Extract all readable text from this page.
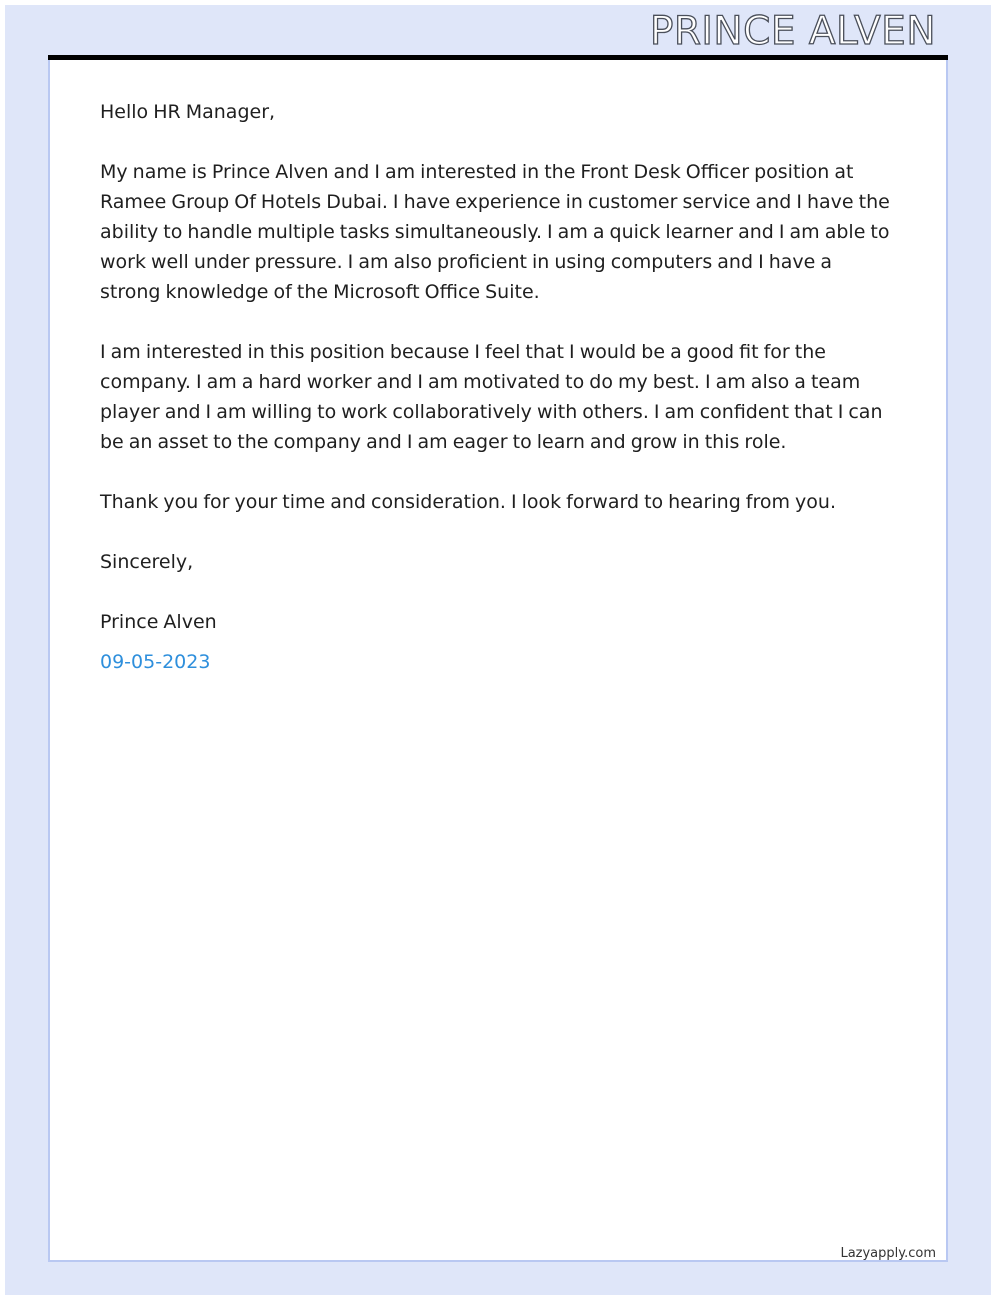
PRINCE ALVEN

Hello HR Manager,

My name is Prince Alven and I am interested in the Front Desk Officer position at Ramee Group Of Hotels Dubai. I have experience in customer service and I have the ability to handle multiple tasks simultaneously. I am a quick learner and I am able to work well under pressure. I am also proficient in using computers and I have a strong knowledge of the Microsoft Office Suite.

I am interested in this position because I feel that I would be a good fit for the company. I am a hard worker and I am motivated to do my best. I am also a team player and I am willing to work collaboratively with others. I am confident that I can be an asset to the company and I am eager to learn and grow in this role.

Thank you for your time and consideration. I look forward to hearing from you.

Sincerely,

Prince Alven

09-05-2023

Lazyapply.com
